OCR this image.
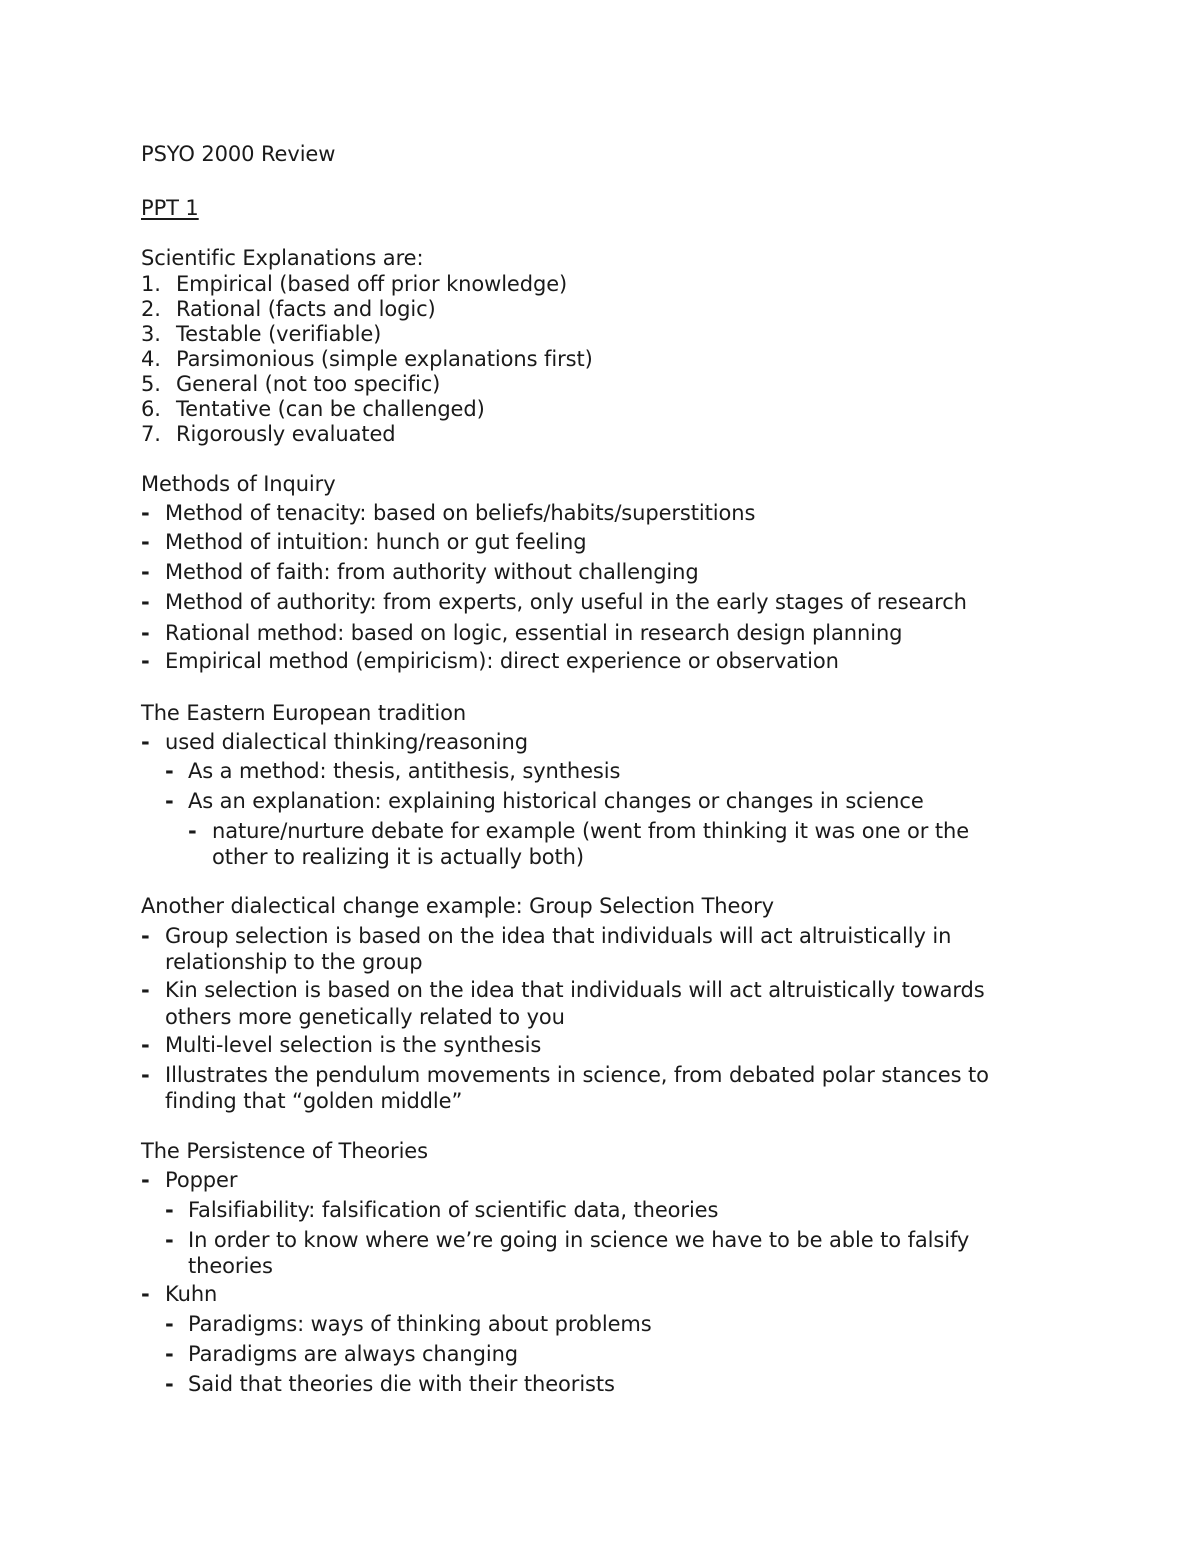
PSYO 2000 Review
PPT 1
Scientific Explanations are:
1. Empirical (based off prior knowledge)
2. Rational (facts and logic)
3. Testable (verifiable)
4. Parsimonious (simple explanations first)
5. General (not too specific)
6. Tentative (can be challenged)
7. Rigorously evaluated
Methods of Inquiry
- Method of tenacity: based on beliefs/habits/superstitions
- Method of intuition: hunch or gut feeling
- Method of faith: from authority without challenging
- Method of authority: from experts, only useful in the early stages of research
- Rational method: based on logic, essential in research design planning
- Empirical method (empiricism): direct experience or observation
The Eastern European tradition
- used dialectical thinking/reasoning
- As a method: thesis, antithesis, synthesis
- As an explanation: explaining historical changes or changes in science
- nature/nurture debate for example (went from thinking it was one or the
other to realizing it is actually both)
Another dialectical change example: Group Selection Theory
- Group selection is based on the idea that individuals will act altruistically in
relationship to the group
- Kin selection is based on the idea that individuals will act altruistically towards
others more genetically related to you
- Multi-level selection is the synthesis
- Illustrates the pendulum movements in science, from debated polar stances to
finding that “golden middle”
The Persistence of Theories
- Popper
- Falsifiability: falsification of scientific data, theories
- In order to know where we’re going in science we have to be able to falsify
theories
- Kuhn
- Paradigms: ways of thinking about problems
- Paradigms are always changing
- Said that theories die with their theorists
